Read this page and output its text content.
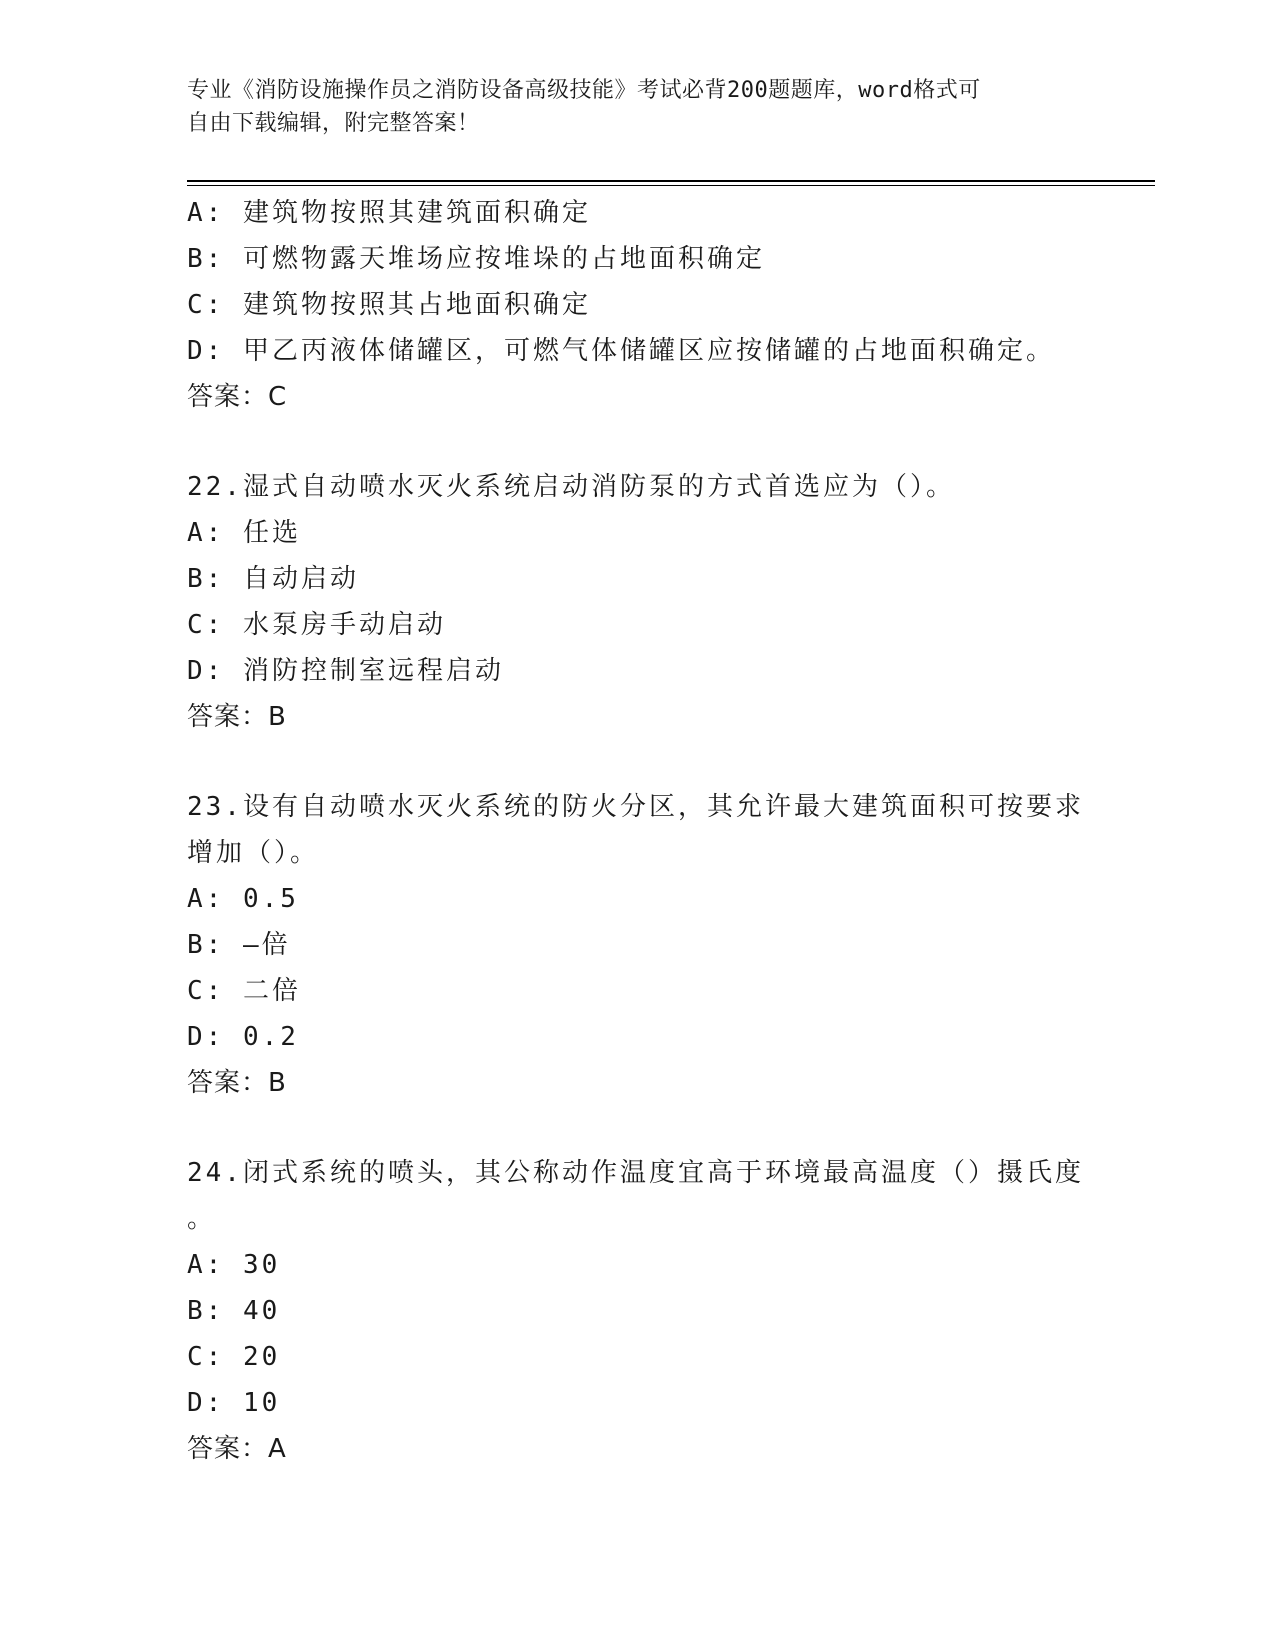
专业《消防设施操作员之消防设备高级技能》考试必背200题题库，word格式可
自由下载编辑，附完整答案！
A: 建筑物按照其建筑面积确定
B: 可燃物露天堆场应按堆垛的占地面积确定
C: 建筑物按照其占地面积确定
D: 甲乙丙液体储罐区，可燃气体储罐区应按储罐的占地面积确定。
答案：C
22.湿式自动喷水灭火系统启动消防泵的方式首选应为（）。
A: 任选
B: 自动启动
C: 水泵房手动启动
D: 消防控制室远程启动
答案：B
23.设有自动喷水灭火系统的防火分区，其允许最大建筑面积可按要求
增加（）。
A: 0.5
B: —倍
C: 二倍
D: 0.2
答案：B
24.闭式系统的喷头，其公称动作温度宜高于环境最高温度（）摄氏度
。
A: 30
B: 40
C: 20
D: 10
答案：A
